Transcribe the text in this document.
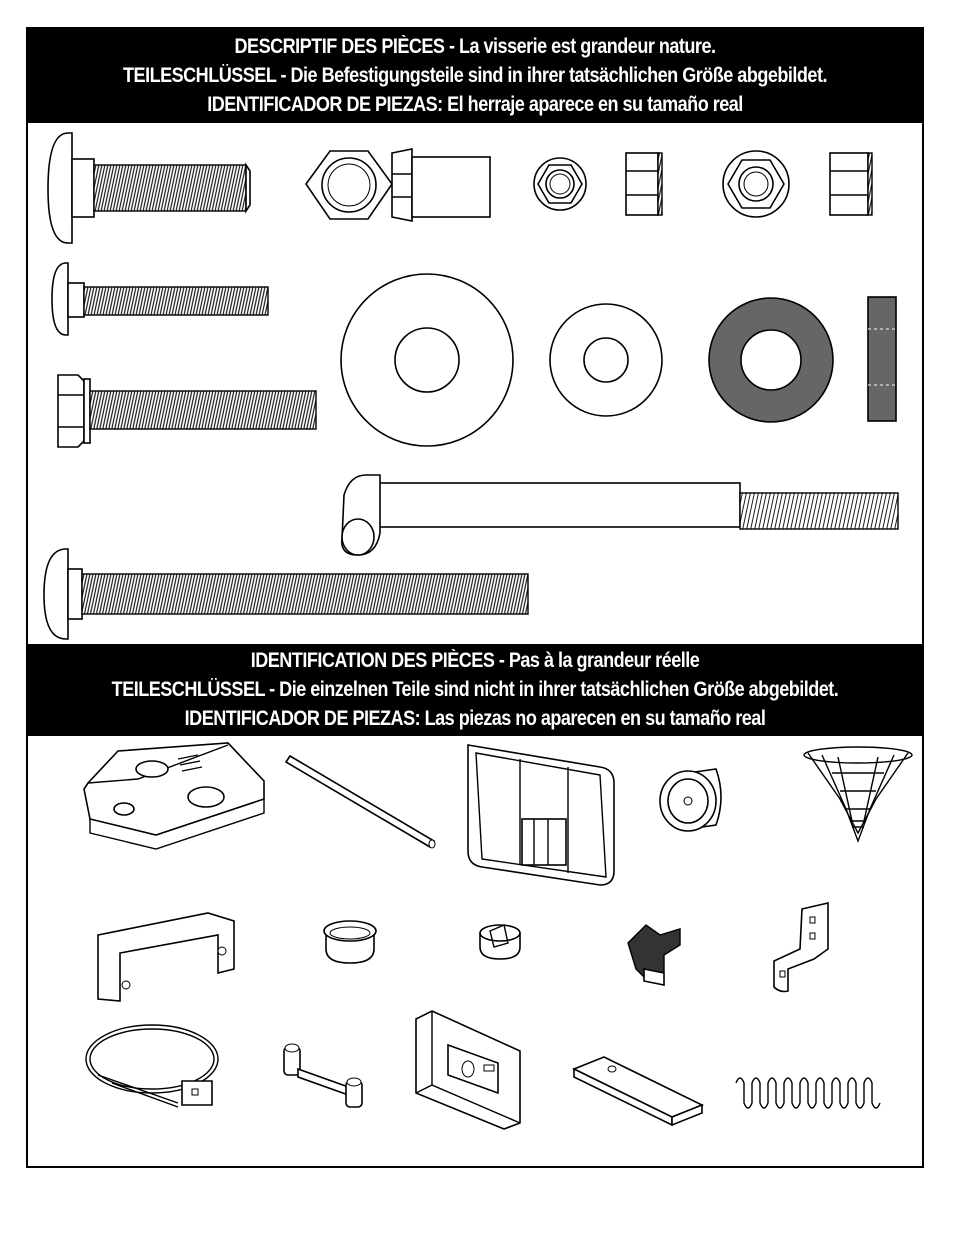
DESCRIPTIF DES PIÈCES - La visserie est grandeur nature.
TEILESCHLÜSSEL - Die Befestigungsteile sind in ihrer tatsächlichen Größe abgebildet.
IDENTIFICADOR DE PIEZAS: El herraje aparece en su tamaño real
IDENTIFICATION DES PIÈCES - Pas à la grandeur réelle
TEILESCHLÜSSEL - Die einzelnen Teile sind nicht in ihrer tatsächlichen Größe abgebildet.
IDENTIFICADOR DE PIEZAS: Las piezas no aparecen en su tamaño real
